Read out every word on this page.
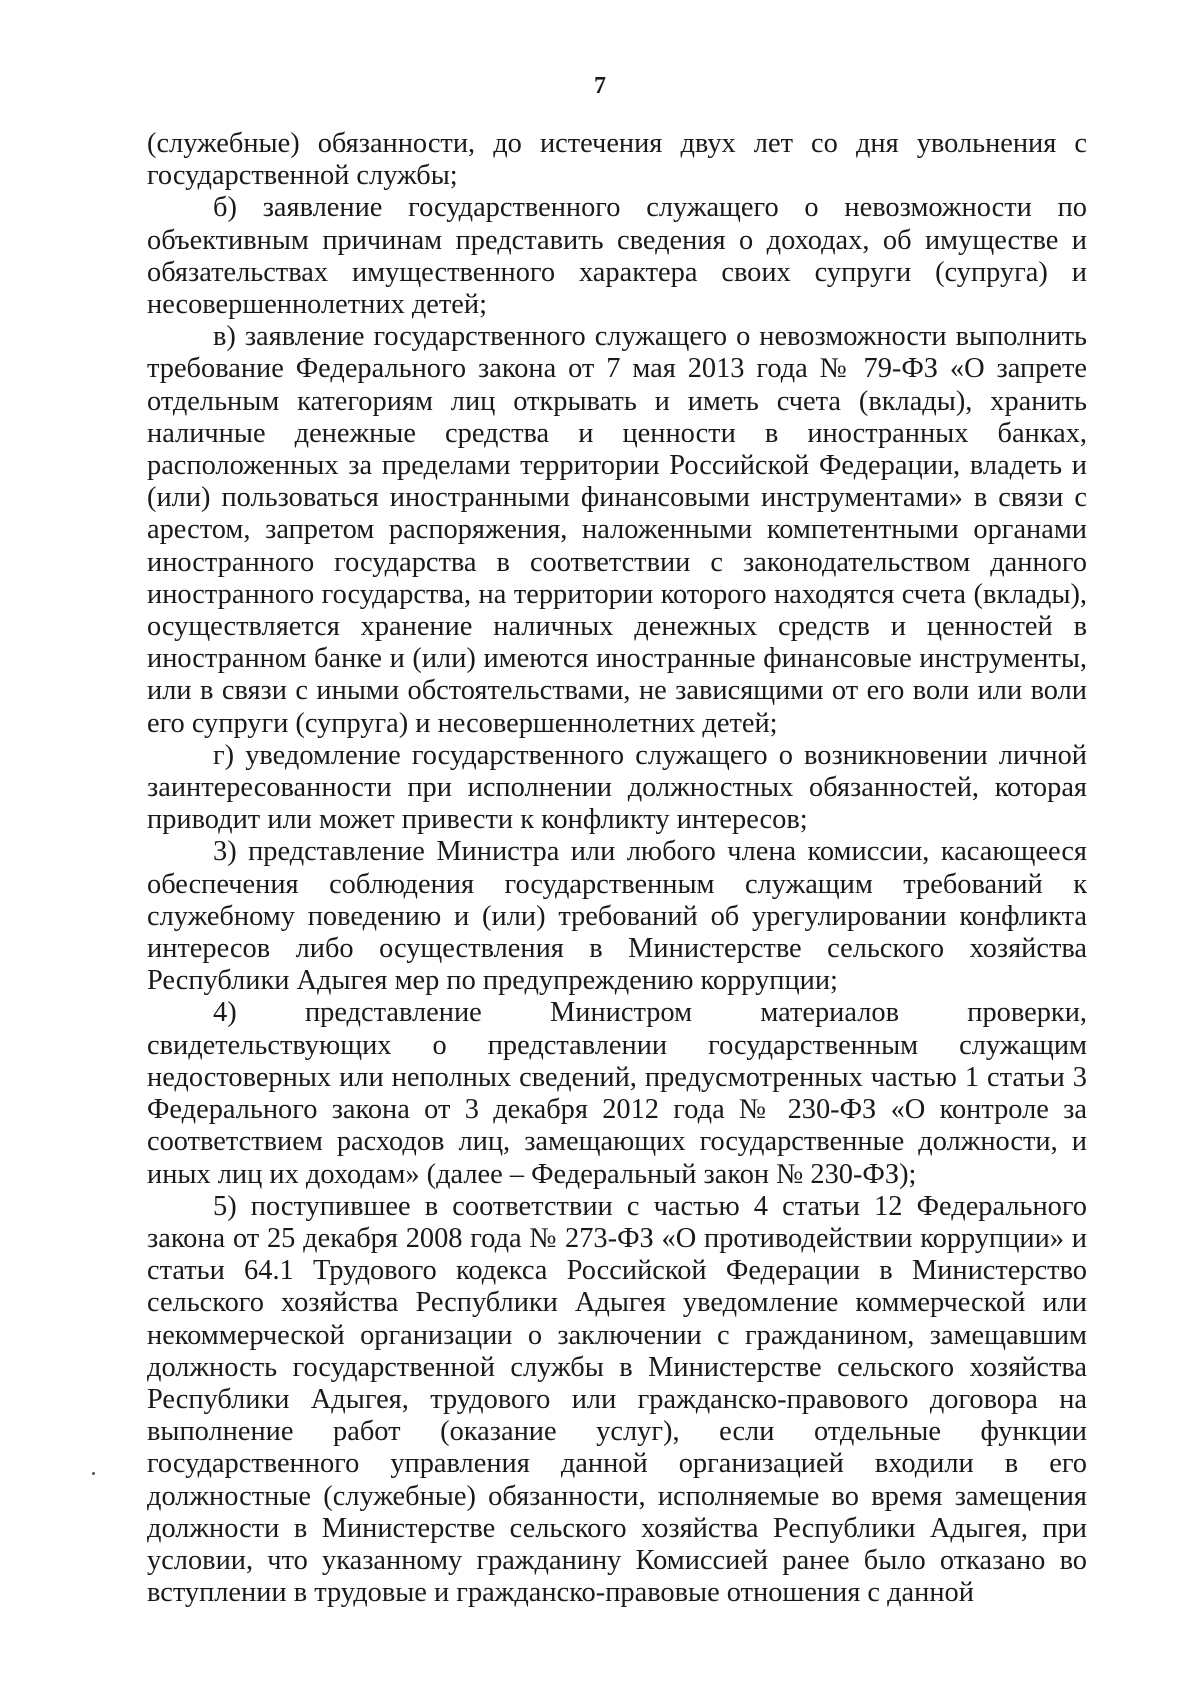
7

(служебные) обязанности, до истечения двух лет со дня увольнения с государственной службы;

б) заявление государственного служащего о невозможности по объективным причинам представить сведения о доходах, об имуществе и обязательствах имущественного характера своих супруги (супруга) и несовершеннолетних детей;

в) заявление государственного служащего о невозможности выполнить требование Федерального закона от 7 мая 2013 года № 79-ФЗ «О запрете отдельным категориям лиц открывать и иметь счета (вклады), хранить наличные денежные средства и ценности в иностранных банках, расположенных за пределами территории Российской Федерации, владеть и (или) пользоваться иностранными финансовыми инструментами» в связи с арестом, запретом распоряжения, наложенными компетентными органами иностранного государства в соответствии с законодательством данного иностранного государства, на территории которого находятся счета (вклады), осуществляется хранение наличных денежных средств и ценностей в иностранном банке и (или) имеются иностранные финансовые инструменты, или в связи с иными обстоятельствами, не зависящими от его воли или воли его супруги (супруга) и несовершеннолетних детей;

г) уведомление государственного служащего о возникновении личной заинтересованности при исполнении должностных обязанностей, которая приводит или может привести к конфликту интересов;

3) представление Министра или любого члена комиссии, касающееся обеспечения соблюдения государственным служащим требований к служебному поведению и (или) требований об урегулировании конфликта интересов либо осуществления в Министерстве сельского хозяйства Республики Адыгея мер по предупреждению коррупции;

4) представление Министром материалов проверки, свидетельствующих о представлении государственным служащим недостоверных или неполных сведений, предусмотренных частью 1 статьи 3 Федерального закона от 3 декабря 2012 года № 230-ФЗ «О контроле за соответствием расходов лиц, замещающих государственные должности, и иных лиц их доходам» (далее – Федеральный закон № 230-ФЗ);

5) поступившее в соответствии с частью 4 статьи 12 Федерального закона от 25 декабря 2008 года № 273-ФЗ «О противодействии коррупции» и статьи 64.1 Трудового кодекса Российской Федерации в Министерство сельского хозяйства Республики Адыгея уведомление коммерческой или некоммерческой организации о заключении с гражданином, замещавшим должность государственной службы в Министерстве сельского хозяйства Республики Адыгея, трудового или гражданско-правового договора на выполнение работ (оказание услуг), если отдельные функции государственного управления данной организацией входили в его должностные (служебные) обязанности, исполняемые во время замещения должности в Министерстве сельского хозяйства Республики Адыгея, при условии, что указанному гражданину Комиссией ранее было отказано во вступлении в трудовые и гражданско-правовые отношения с данной
